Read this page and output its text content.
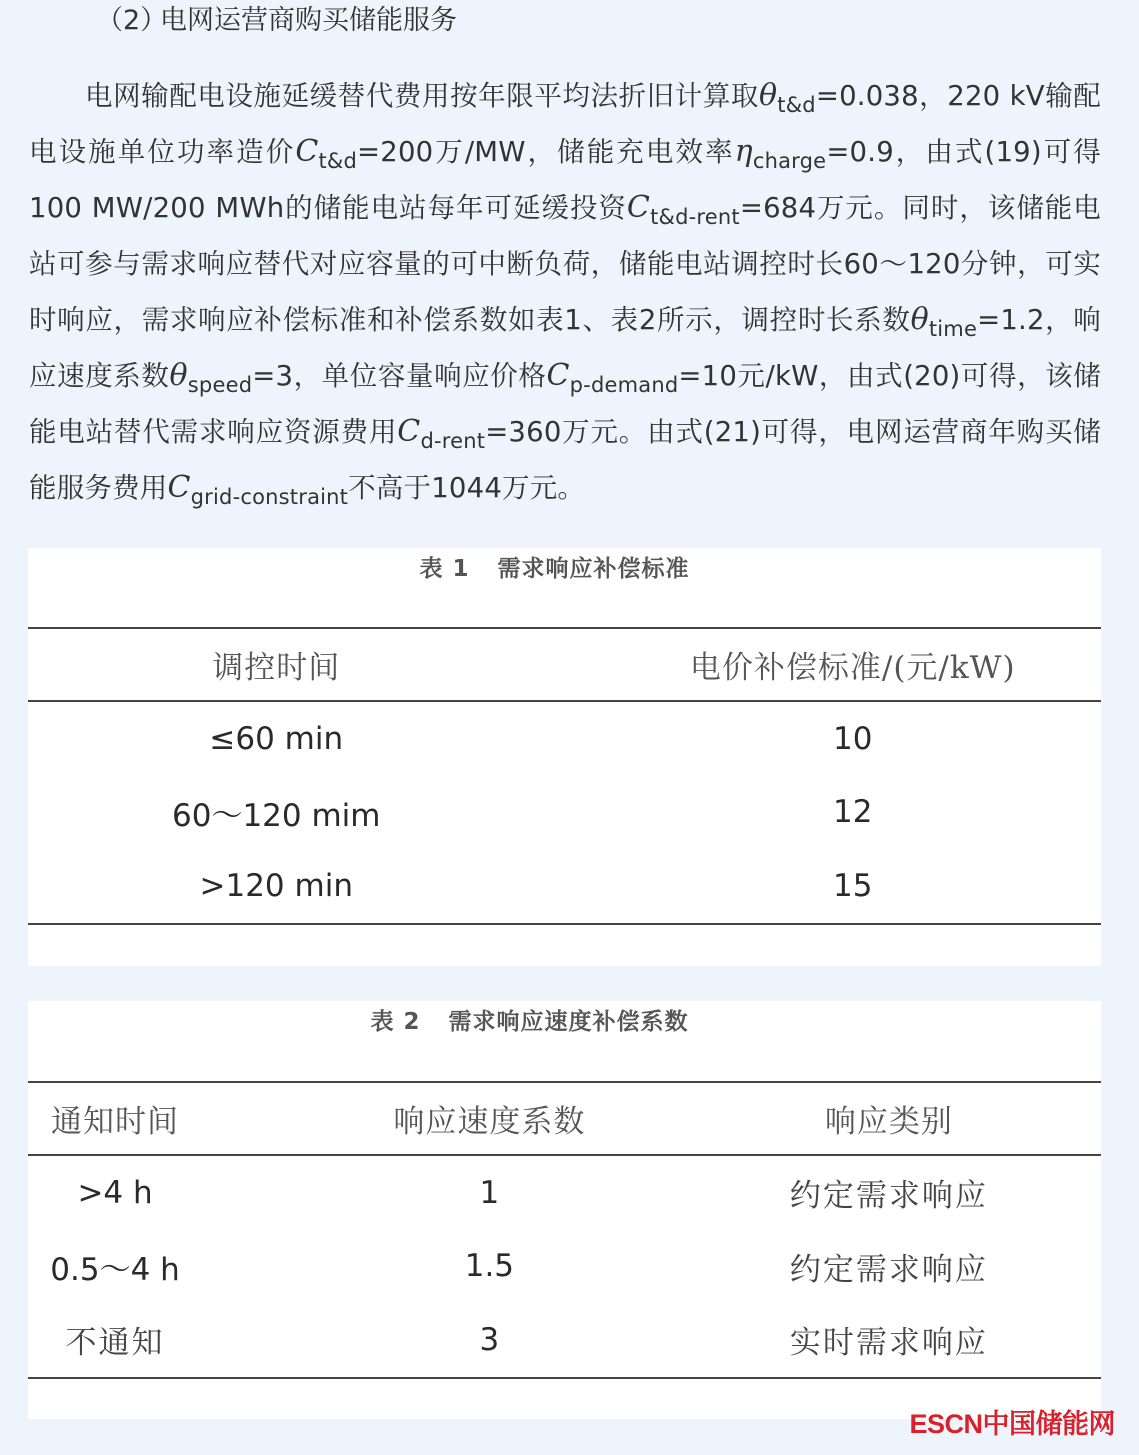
（2）电网运营商购买储能服务
电网输配电设施延缓替代费用按年限平均法折旧计算取$\theta_{t\&d}=0.038$，220 kV输配电设施单位功率造价$C_{t\&d}=200$万/MW，储能充电效率$\eta_{charge}=0.9$，由式(19)可得100 MW/200 MWh的储能电站每年可延缓投资$C_{t\&d-rent}=684$万元。同时，该储能电站可参与需求响应替代对应容量的可中断负荷，储能电站调控时长60～120分钟，可实时响应，需求响应补偿标准和补偿系数如表1、表2所示，调控时长系数$\theta_{time}=1.2$，响应速度系数$\theta_{speed}=3$，单位容量响应价格$C_{p-demand}=10$元/kW，由式(20)可得，该储能电站替代需求响应资源费用$C_{d-rent}=360$万元。由式(21)可得，电网运营商年购买储能服务费用$C_{grid-constraint}$不高于1044万元。
表 1 需求响应补偿标准
调控时间	电价补偿标准/(元/kW)
≤60 min	10
60～120 mim	12
>120 min	15
表 2 需求响应速度补偿系数
通知时间	响应速度系数	响应类别
>4 h	1	约定需求响应
0.5～4 h	1.5	约定需求响应
不通知	3	实时需求响应
ESCN中国储能网
